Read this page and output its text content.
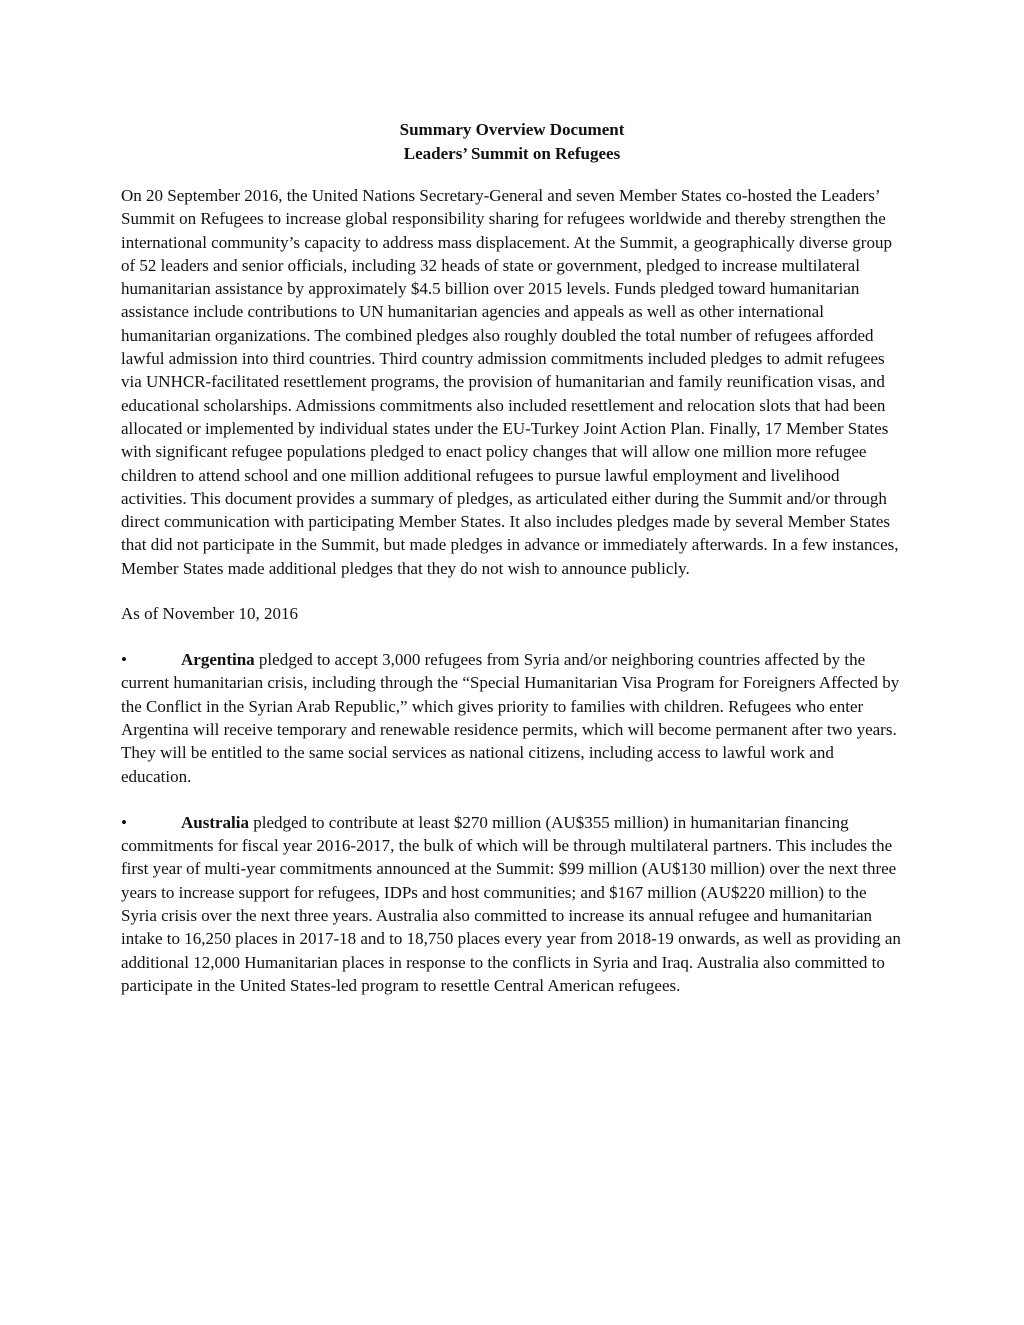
Summary Overview Document
Leaders’ Summit on Refugees

On 20 September 2016, the United Nations Secretary-General and seven Member States co-hosted the Leaders’ Summit on Refugees to increase global responsibility sharing for refugees worldwide and thereby strengthen the international community’s capacity to address mass displacement. At the Summit, a geographically diverse group of 52 leaders and senior officials, including 32 heads of state or government, pledged to increase multilateral humanitarian assistance by approximately $4.5 billion over 2015 levels. Funds pledged toward humanitarian assistance include contributions to UN humanitarian agencies and appeals as well as other international humanitarian organizations. The combined pledges also roughly doubled the total number of refugees afforded lawful admission into third countries. Third country admission commitments included pledges to admit refugees via UNHCR-facilitated resettlement programs, the provision of humanitarian and family reunification visas, and educational scholarships. Admissions commitments also included resettlement and relocation slots that had been allocated or implemented by individual states under the EU-Turkey Joint Action Plan. Finally, 17 Member States with significant refugee populations pledged to enact policy changes that will allow one million more refugee children to attend school and one million additional refugees to pursue lawful employment and livelihood activities. This document provides a summary of pledges, as articulated either during the Summit and/or through direct communication with participating Member States. It also includes pledges made by several Member States that did not participate in the Summit, but made pledges in advance or immediately afterwards. In a few instances, Member States made additional pledges that they do not wish to announce publicly.

As of November 10, 2016

•	Argentina pledged to accept 3,000 refugees from Syria and/or neighboring countries affected by the current humanitarian crisis, including through the “Special Humanitarian Visa Program for Foreigners Affected by the Conflict in the Syrian Arab Republic,” which gives priority to families with children. Refugees who enter Argentina will receive temporary and renewable residence permits, which will become permanent after two years. They will be entitled to the same social services as national citizens, including access to lawful work and education.

•	Australia pledged to contribute at least $270 million (AU$355 million) in humanitarian financing commitments for fiscal year 2016-2017, the bulk of which will be through multilateral partners. This includes the first year of multi-year commitments announced at the Summit: $99 million (AU$130 million) over the next three years to increase support for refugees, IDPs and host communities; and $167 million (AU$220 million) to the Syria crisis over the next three years. Australia also committed to increase its annual refugee and humanitarian intake to 16,250 places in 2017-18 and to 18,750 places every year from 2018-19 onwards, as well as providing an additional 12,000 Humanitarian places in response to the conflicts in Syria and Iraq. Australia also committed to participate in the United States-led program to resettle Central American refugees.
